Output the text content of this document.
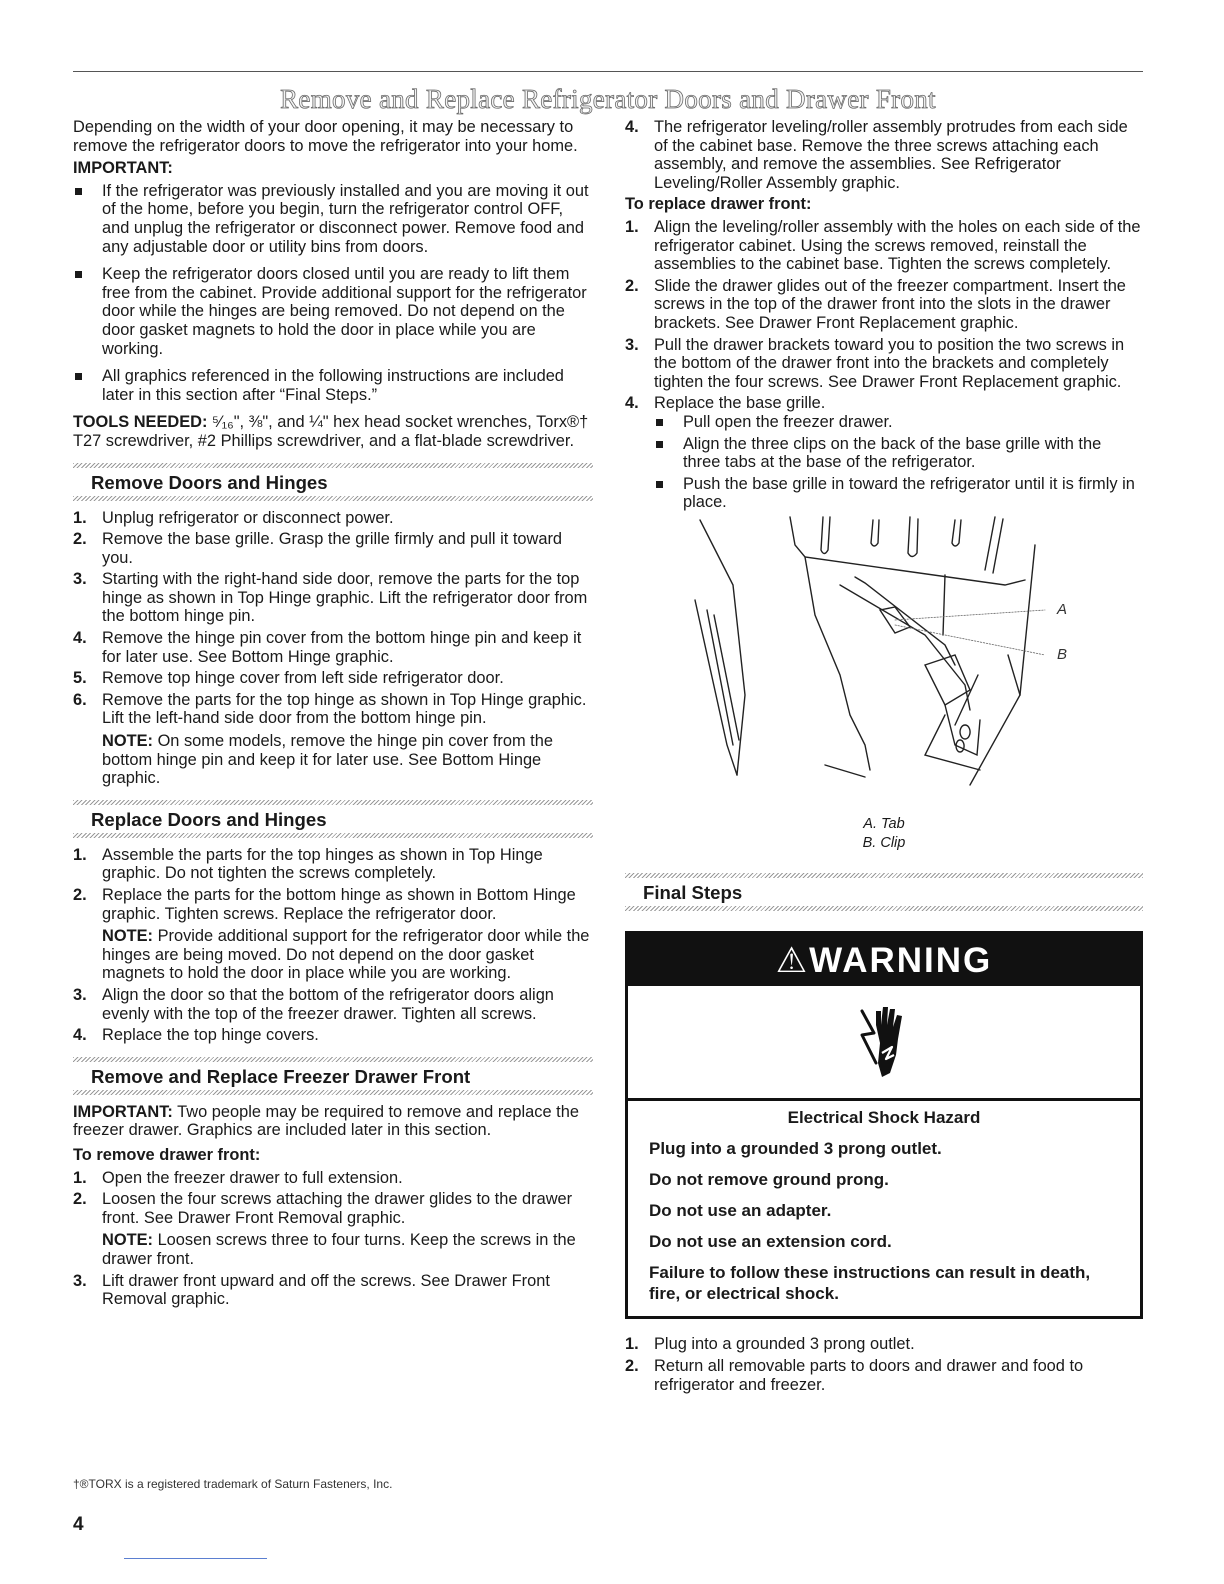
Remove and Replace Refrigerator Doors and Drawer Front

Depending on the width of your door opening, it may be necessary to remove the refrigerator doors to move the refrigerator into your home.

IMPORTANT:

If the refrigerator was previously installed and you are moving it out of the home, before you begin, turn the refrigerator control OFF, and unplug the refrigerator or disconnect power. Remove food and any adjustable door or utility bins from doors.
Keep the refrigerator doors closed until you are ready to lift them free from the cabinet. Provide additional support for the refrigerator door while the hinges are being removed. Do not depend on the door gasket magnets to hold the door in place while you are working.
All graphics referenced in the following instructions are included later in this section after “Final Steps.”

TOOLS NEEDED: ⁵⁄₁₆", ⅜", and ¼" hex head socket wrenches, Torx®† T27 screwdriver, #2 Phillips screwdriver, and a flat-blade screwdriver.

Remove Doors and Hinges
1. Unplug refrigerator or disconnect power.
2. Remove the base grille. Grasp the grille firmly and pull it toward you.
3. Starting with the right-hand side door, remove the parts for the top hinge as shown in Top Hinge graphic. Lift the refrigerator door from the bottom hinge pin.
4. Remove the hinge pin cover from the bottom hinge pin and keep it for later use. See Bottom Hinge graphic.
5. Remove top hinge cover from left side refrigerator door.
6. Remove the parts for the top hinge as shown in Top Hinge graphic. Lift the left-hand side door from the bottom hinge pin.

NOTE: On some models, remove the hinge pin cover from the bottom hinge pin and keep it for later use. See Bottom Hinge graphic.

Replace Doors and Hinges
1. Assemble the parts for the top hinges as shown in Top Hinge graphic. Do not tighten the screws completely.
2. Replace the parts for the bottom hinge as shown in Bottom Hinge graphic. Tighten screws. Replace the refrigerator door.

NOTE: Provide additional support for the refrigerator door while the hinges are being moved. Do not depend on the door gasket magnets to hold the door in place while you are working.

3. Align the door so that the bottom of the refrigerator doors align evenly with the top of the freezer drawer. Tighten all screws.
4. Replace the top hinge covers.
Remove and Replace Freezer Drawer Front

IMPORTANT: Two people may be required to remove and replace the freezer drawer. Graphics are included later in this section.

To remove drawer front:

1. Open the freezer drawer to full extension.
2. Loosen the four screws attaching the drawer glides to the drawer front. See Drawer Front Removal graphic.

NOTE: Loosen screws three to four turns. Keep the screws in the drawer front.

3. Lift drawer front upward and off the screws. See Drawer Front Removal graphic.
4. The refrigerator leveling/roller assembly protrudes from each side of the cabinet base. Remove the three screws attaching each assembly, and remove the assemblies. See Refrigerator Leveling/Roller Assembly graphic.

To replace drawer front:

1. Align the leveling/roller assembly with the holes on each side of the refrigerator cabinet. Using the screws removed, reinstall the assemblies to the cabinet base. Tighten the screws completely.
2. Slide the drawer glides out of the freezer compartment. Insert the screws in the top of the drawer front into the slots in the drawer brackets. See Drawer Front Replacement graphic.
3. Pull the drawer brackets toward you to position the two screws in the bottom of the drawer front into the brackets and completely tighten the four screws. See Drawer Front Replacement graphic.
4. Replace the base grille.
Pull open the freezer drawer.
Align the three clips on the back of the base grille with the three tabs at the base of the refrigerator.
Push the base grille in toward the refrigerator until it is firmly in place.
A
B

A. Tab

B. Clip

Final Steps
⚠WARNING

Electrical Shock Hazard

Plug into a grounded 3 prong outlet.

Do not remove ground prong.

Do not use an adapter.

Do not use an extension cord.

Failure to follow these instructions can result in death, fire, or electrical shock.

1. Plug into a grounded 3 prong outlet.
2. Return all removable parts to doors and drawer and food to refrigerator and freezer.

†®TORX is a registered trademark of Saturn Fasteners, Inc.

4
